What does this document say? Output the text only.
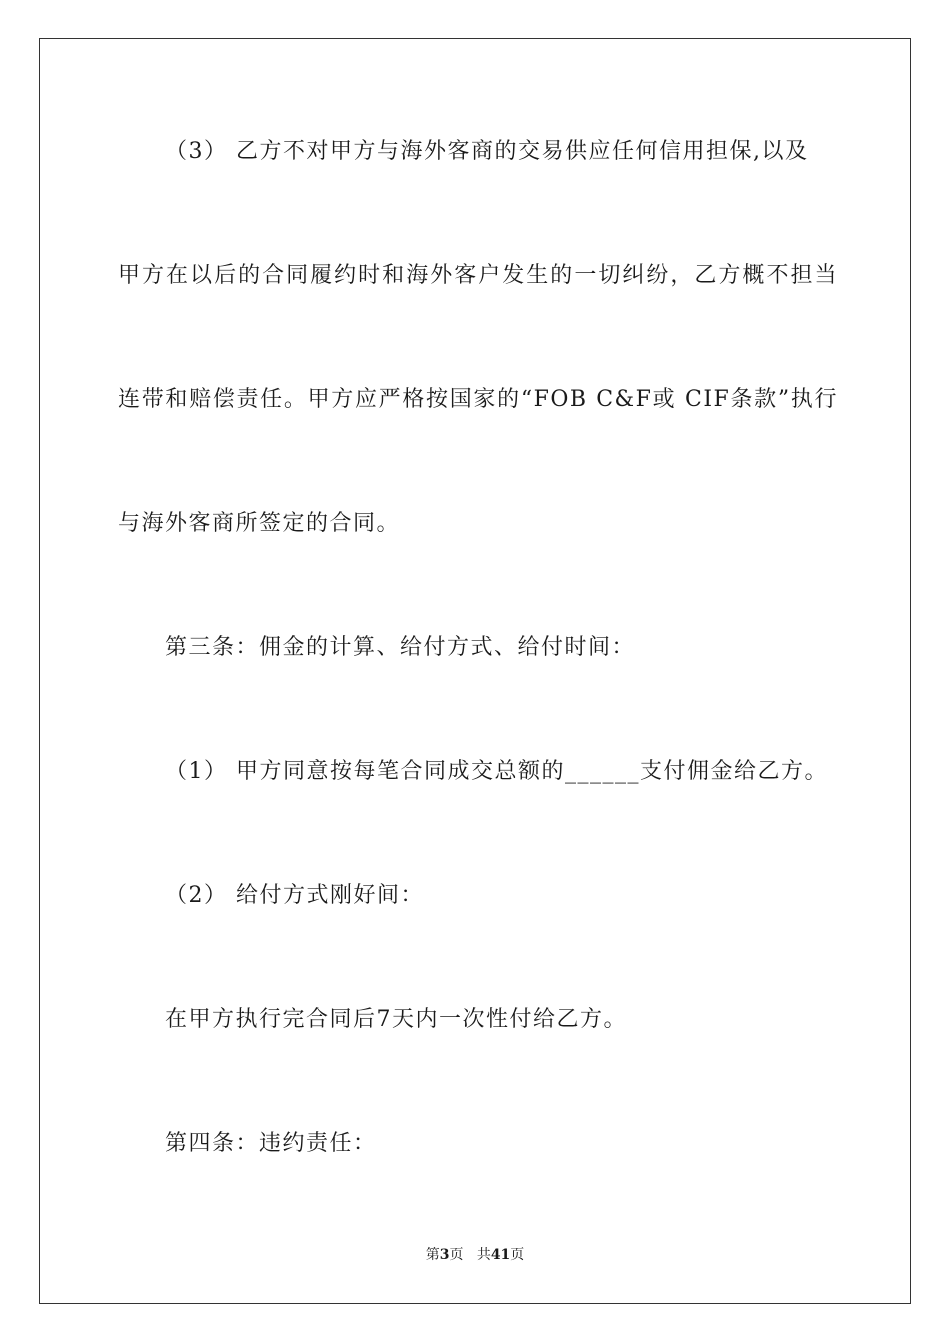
（3） 乙方不对甲方与海外客商的交易供应任何信用担保,以及
甲方在以后的合同履约时和海外客户发生的一切纠纷，乙方概不担当
连带和赔偿责任。甲方应严格按国家的“FOB C&F或 CIF条款”执行
与海外客商所签定的合同。
第三条：佣金的计算、给付方式、给付时间：
（1） 甲方同意按每笔合同成交总额的______支付佣金给乙方。
（2） 给付方式刚好间：
在甲方执行完合同后7天内一次性付给乙方。
第四条：违约责任：
第3页 共41页
